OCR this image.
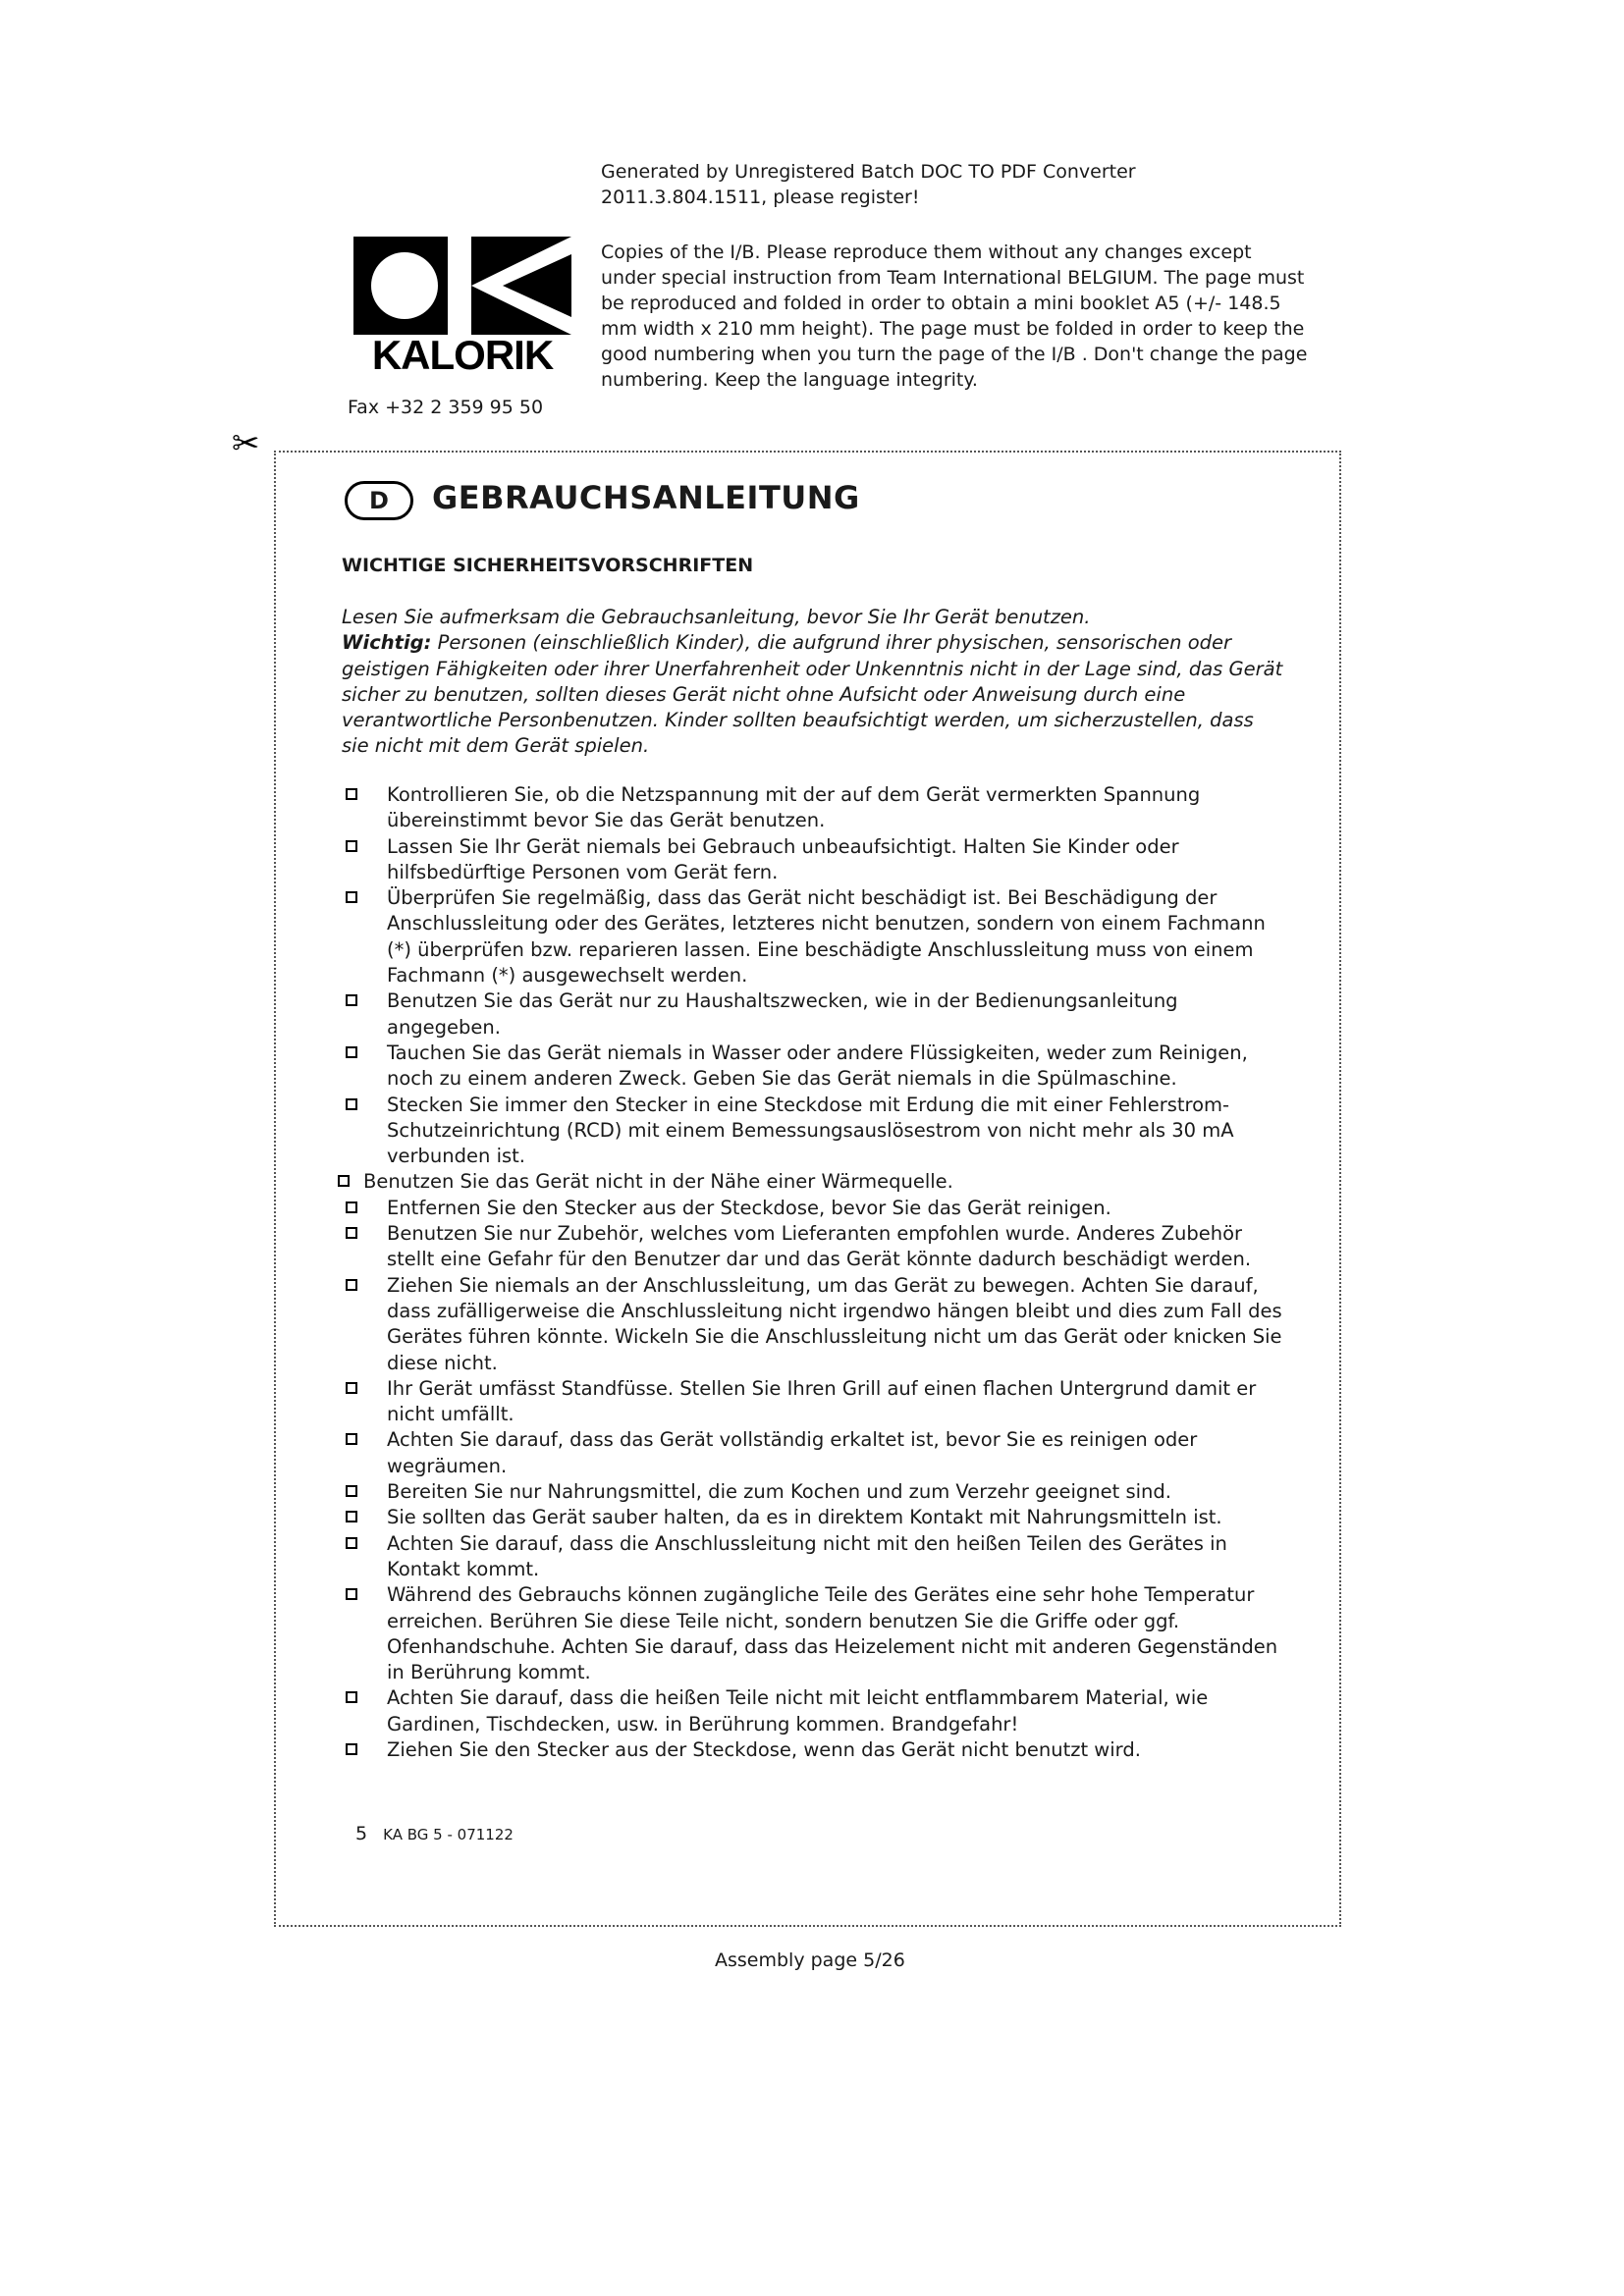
Generated by Unregistered Batch DOC TO PDF Converter 2011.3.804.1511, please register!
Copies of the I/B. Please reproduce them without any changes except under special instruction from Team International BELGIUM. The page must be reproduced and folded in order to obtain a mini booklet A5 (+/- 148.5 mm width x 210 mm height). The page must be folded in order to keep the good numbering when you turn the page of the I/B . Don't change the page numbering. Keep the language integrity.
KALORIK
Fax +32 2 359 95 50
✂
D	GEBRAUCHSANLEITUNG
WICHTIGE SICHERHEITSVORSCHRIFTEN

Lesen Sie aufmerksam die Gebrauchsanleitung, bevor Sie Ihr Gerät benutzen.

Wichtig: Personen (einschließlich Kinder), die aufgrund ihrer physischen, sensorischen oder geistigen Fähigkeiten oder ihrer Unerfahrenheit oder Unkenntnis nicht in der Lage sind, das Gerät sicher zu benutzen, sollten dieses Gerät nicht ohne Aufsicht oder Anweisung durch eine verantwortliche Personbenutzen. Kinder sollten beaufsichtigt werden, um sicherzustellen, dass sie nicht mit dem Gerät spielen.

Kontrollieren Sie, ob die Netzspannung mit der auf dem Gerät vermerkten Spannung übereinstimmt bevor Sie das Gerät benutzen.
Lassen Sie Ihr Gerät niemals bei Gebrauch unbeaufsichtigt. Halten Sie Kinder oder hilfsbedürftige Personen vom Gerät fern.
Überprüfen Sie regelmäßig, dass das Gerät nicht beschädigt ist. Bei Beschädigung der Anschlussleitung oder des Gerätes, letzteres nicht benutzen, sondern von einem Fachmann (*) überprüfen bzw. reparieren lassen. Eine beschädigte Anschlussleitung muss von einem Fachmann (*) ausgewechselt werden.
Benutzen Sie das Gerät nur zu Haushaltszwecken, wie in der Bedienungsanleitung angegeben.
Tauchen Sie das Gerät niemals in Wasser oder andere Flüssigkeiten, weder zum Reinigen, noch zu einem anderen Zweck. Geben Sie das Gerät niemals in die Spülmaschine.
Stecken Sie immer den Stecker in eine Steckdose mit Erdung die mit einer Fehlerstrom-Schutzeinrichtung (RCD) mit einem Bemessungsauslösestrom von nicht mehr als 30 mA verbunden ist.
Benutzen Sie das Gerät nicht in der Nähe einer Wärmequelle.
Entfernen Sie den Stecker aus der Steckdose, bevor Sie das Gerät reinigen.
Benutzen Sie nur Zubehör, welches vom Lieferanten empfohlen wurde. Anderes Zubehör stellt eine Gefahr für den Benutzer dar und das Gerät könnte dadurch beschädigt werden.
Ziehen Sie niemals an der Anschlussleitung, um das Gerät zu bewegen. Achten Sie darauf, dass zufälligerweise die Anschlussleitung nicht irgendwo hängen bleibt und dies zum Fall des Gerätes führen könnte. Wickeln Sie die Anschlussleitung nicht um das Gerät oder knicken Sie diese nicht.
Ihr Gerät umfässt Standfüsse. Stellen Sie Ihren Grill auf einen flachen Untergrund damit er nicht umfällt.
Achten Sie darauf, dass das Gerät vollständig erkaltet ist, bevor Sie es reinigen oder wegräumen.
Bereiten Sie nur Nahrungsmittel, die zum Kochen und zum Verzehr geeignet sind.
Sie sollten das Gerät sauber halten, da es in direktem Kontakt mit Nahrungsmitteln ist.
Achten Sie darauf, dass die Anschlussleitung nicht mit den heißen Teilen des Gerätes in Kontakt kommt.
Während des Gebrauchs können zugängliche Teile des Gerätes eine sehr hohe Temperatur erreichen. Berühren Sie diese Teile nicht, sondern benutzen Sie die Griffe oder ggf. Ofenhandschuhe. Achten Sie darauf, dass das Heizelement nicht mit anderen Gegenständen in Berührung kommt.
Achten Sie darauf, dass die heißen Teile nicht mit leicht entflammbarem Material, wie Gardinen, Tischdecken, usw. in Berührung kommen. Brandgefahr!
Ziehen Sie den Stecker aus der Steckdose, wenn das Gerät nicht benutzt wird.
5 KA BG 5 - 071122
Assembly page 5/26
